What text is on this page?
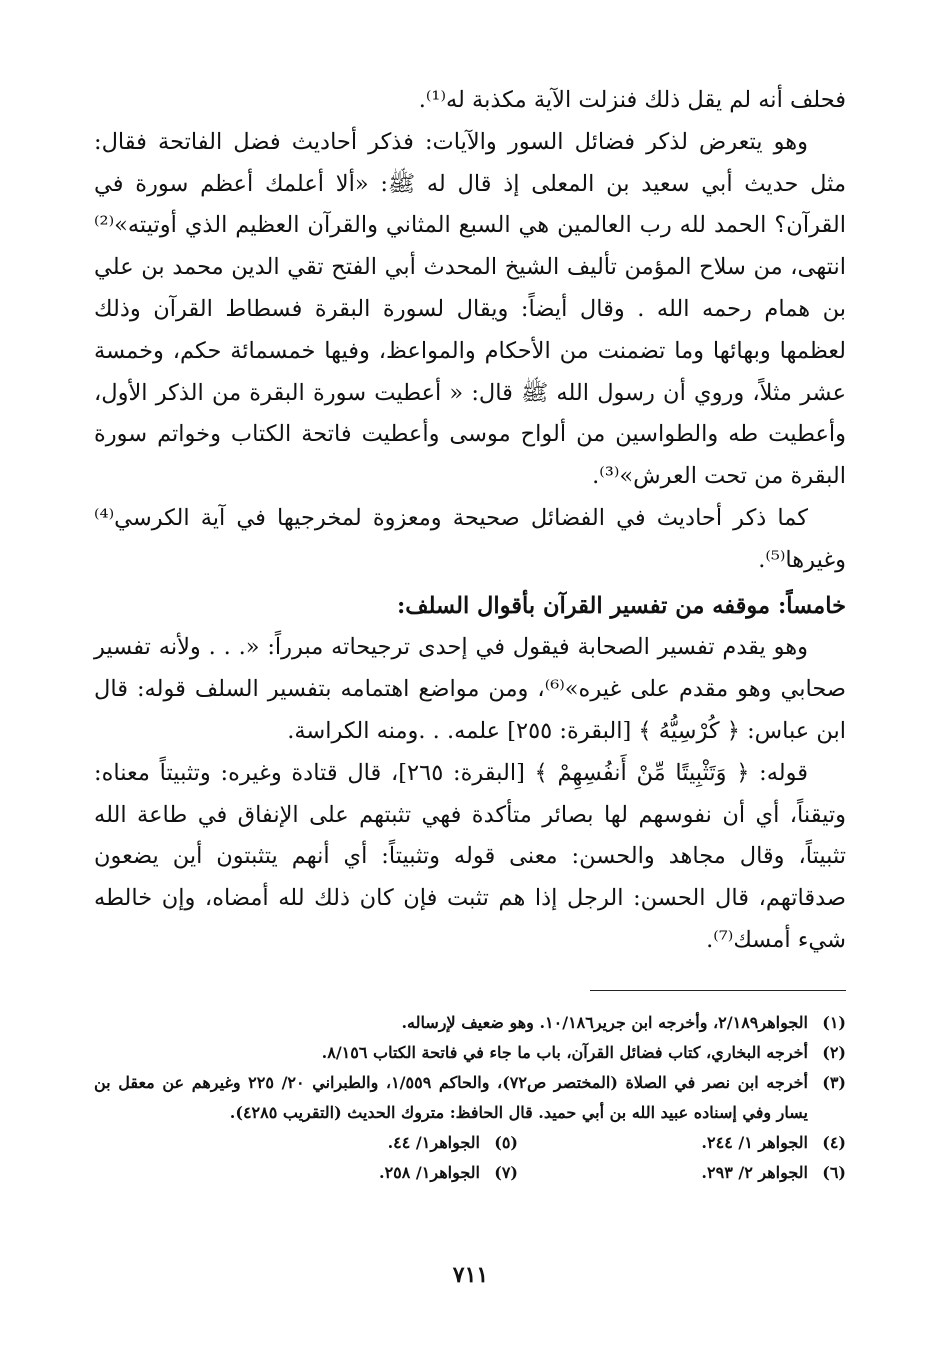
فحلف أنه لم يقل ذلك فنزلت الآية مكذبة له⁽¹⁾.

وهو يتعرض لذكر فضائل السور والآيات: فذكر أحاديث فضل الفاتحة فقال: مثل حديث أبي سعيد بن المعلى إذ قال له ﷺ: «ألا أعلمك أعظم سورة في القرآن؟ الحمد لله رب العالمين هي السبع المثاني والقرآن العظيم الذي أوتيته»⁽²⁾ انتهى، من سلاح المؤمن تأليف الشيخ المحدث أبي الفتح تقي الدين محمد بن علي بن همام رحمه الله . وقال أيضاً: ويقال لسورة البقرة فسطاط القرآن وذلك لعظمها وبهائها وما تضمنت من الأحكام والمواعظ، وفيها خمسمائة حكم، وخمسة عشر مثلاً، وروي أن رسول الله ﷺ قال: « أعطيت سورة البقرة من الذكر الأول، وأعطيت طه والطواسين من ألواح موسى وأعطيت فاتحة الكتاب وخواتم سورة البقرة من تحت العرش»⁽³⁾.

كما ذكر أحاديث في الفضائل صحيحة ومعزوة لمخرجيها في آية الكرسي⁽⁴⁾ وغيرها⁽⁵⁾.

خامساً: موقفه من تفسير القرآن بأقوال السلف:

وهو يقدم تفسير الصحابة فيقول في إحدى ترجيحاته مبرراً: «. . . ولأنه تفسير صحابي وهو مقدم على غيره»⁽⁶⁾، ومن مواضع اهتمامه بتفسير السلف قوله: قال ابن عباس: ﴿ كُرْسِيُّهُ ﴾ [البقرة: ٢٥٥] علمه. . .ومنه الكراسة.

قوله: ﴿ وَتَثْبِيتًا مِّنْ أَنفُسِهِمْ ﴾ [البقرة: ٢٦٥]، قال قتادة وغيره: وتثبيتاً معناه: وتيقناً، أي أن نفوسهم لها بصائر متأكدة فهي تثبتهم على الإنفاق في طاعة الله تثبيتاً، وقال مجاهد والحسن: معنى قوله وتثبيتاً: أي أنهم يتثبتون أين يضعون صدقاتهم، قال الحسن: الرجل إذا هم تثبت فإن كان ذلك لله أمضاه، وإن خالطه شيء أمسك⁽⁷⁾.

(١)
الجواهر٢/١٨٩، وأخرجه ابن جرير١٠/١٨٦. وهو ضعيف لإرساله.
(٢)
أخرجه البخاري، كتاب فضائل القرآن، باب ما جاء في فاتحة الكتاب ٨/١٥٦.
(٣)
أخرجه ابن نصر في الصلاة (المختصر ص٧٢)، والحاكم ١/٥٥٩، والطبراني ٢٠/ ٢٢٥ وغيرهم عن معقل بن يسار وفي إسناده عبيد الله بن أبي حميد. قال الحافظ: متروك الحديث (التقريب ٤٢٨٥).
(٤)
الجواهر ١/ ٢٤٤.
(٥)
الجواهر١/ ٤٤.
(٦)
الجواهر ٢/ ٢٩٣.
(٧)
الجواهر١/ ٢٥٨.
٧١١
